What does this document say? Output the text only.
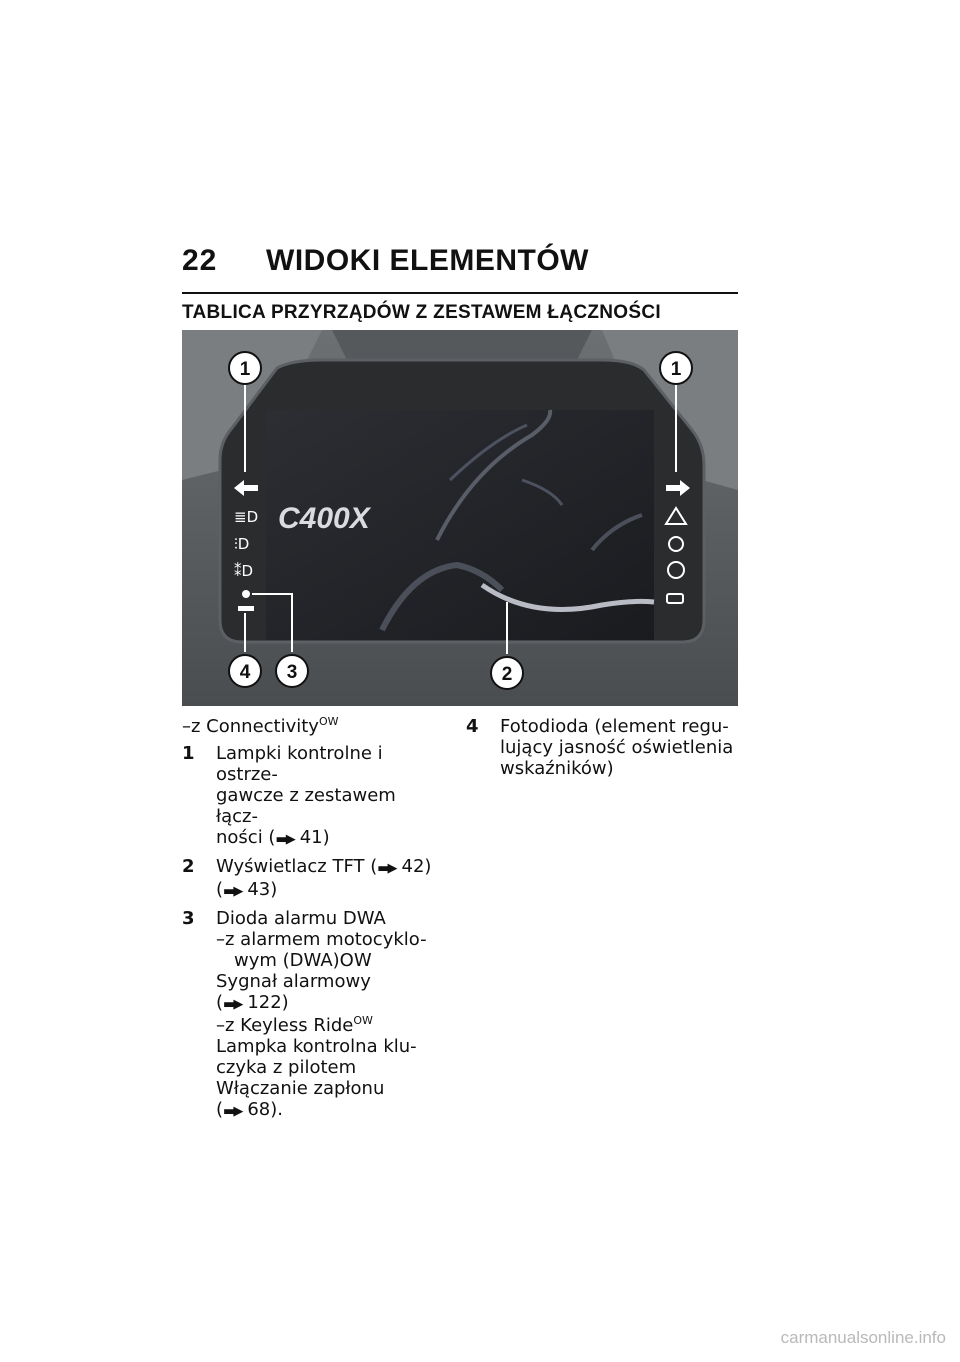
22 WIDOKI ELEMENTÓW
TABLICA PRZYRZĄDÓW Z ZESTAWEM ŁĄCZNOŚCI
C400X
≣D
⫶D
⁑D
1	1
4 3	2

–z Connectivity$^{OW}$

1	Lampki kontrolne i ostrze-
gawcze z zestawem łącz-
ności (▬▶ 41)
2	Wyświetlacz TFT (▬▶ 42)
(▬▶ 43)
3	Dioda alarmu DWA
–z alarmem motocyklo-
wym (DWA)OW
Sygnał alarmowy
(▬▶ 122)
–z Keyless Ride$^{OW}$
Lampka kontrolna klu-
czyka z pilotem
Włączanie zapłonu
(▬▶ 68).
4	Fotodioda (element regu-
lujący jasność oświetlenia
wskaźników)
carmanualsonline.info
